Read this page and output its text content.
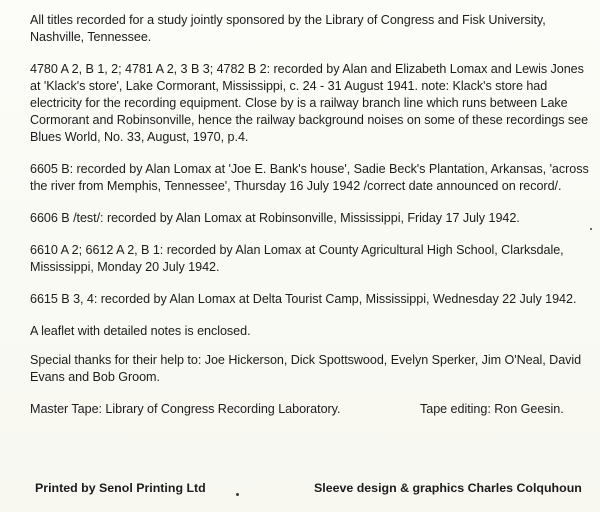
All titles recorded for a study jointly sponsored by the Library of Congress and Fisk University, Nashville, Tennessee.

4780 A 2, B 1, 2; 4781 A 2, 3 B 3; 4782 B 2: recorded by Alan and Elizabeth Lomax and Lewis Jones at 'Klack's store', Lake Cormorant, Mississippi, c. 24 - 31 August 1941. note: Klack's store had electricity for the recording equipment. Close by is a railway branch line which runs between Lake Cormorant and Robinsonville, hence the railway background noises on some of these recordings see Blues World, No. 33, August, 1970, p.4.

6605 B: recorded by Alan Lomax at 'Joe E. Bank's house', Sadie Beck's Plantation, Arkansas, 'across the river from Memphis, Tennessee', Thursday 16 July 1942 /correct date announced on record/.

6606 B /test/: recorded by Alan Lomax at Robinsonville, Mississippi, Friday 17 July 1942.

6610 A 2; 6612 A 2, B 1: recorded by Alan Lomax at County Agricultural High School, Clarksdale, Mississippi, Monday 20 July 1942.

6615 B 3, 4: recorded by Alan Lomax at Delta Tourist Camp, Mississippi, Wednesday 22 July 1942.

A leaflet with detailed notes is enclosed.

Special thanks for their help to: Joe Hickerson, Dick Spottswood, Evelyn Sperker, Jim O'Neal, David Evans and Bob Groom.

Master Tape: Library of Congress Recording Laboratory.	Tape editing: Ron Geesin.
Printed by Senol Printing Ltd	Sleeve design & graphics Charles Colquhoun
